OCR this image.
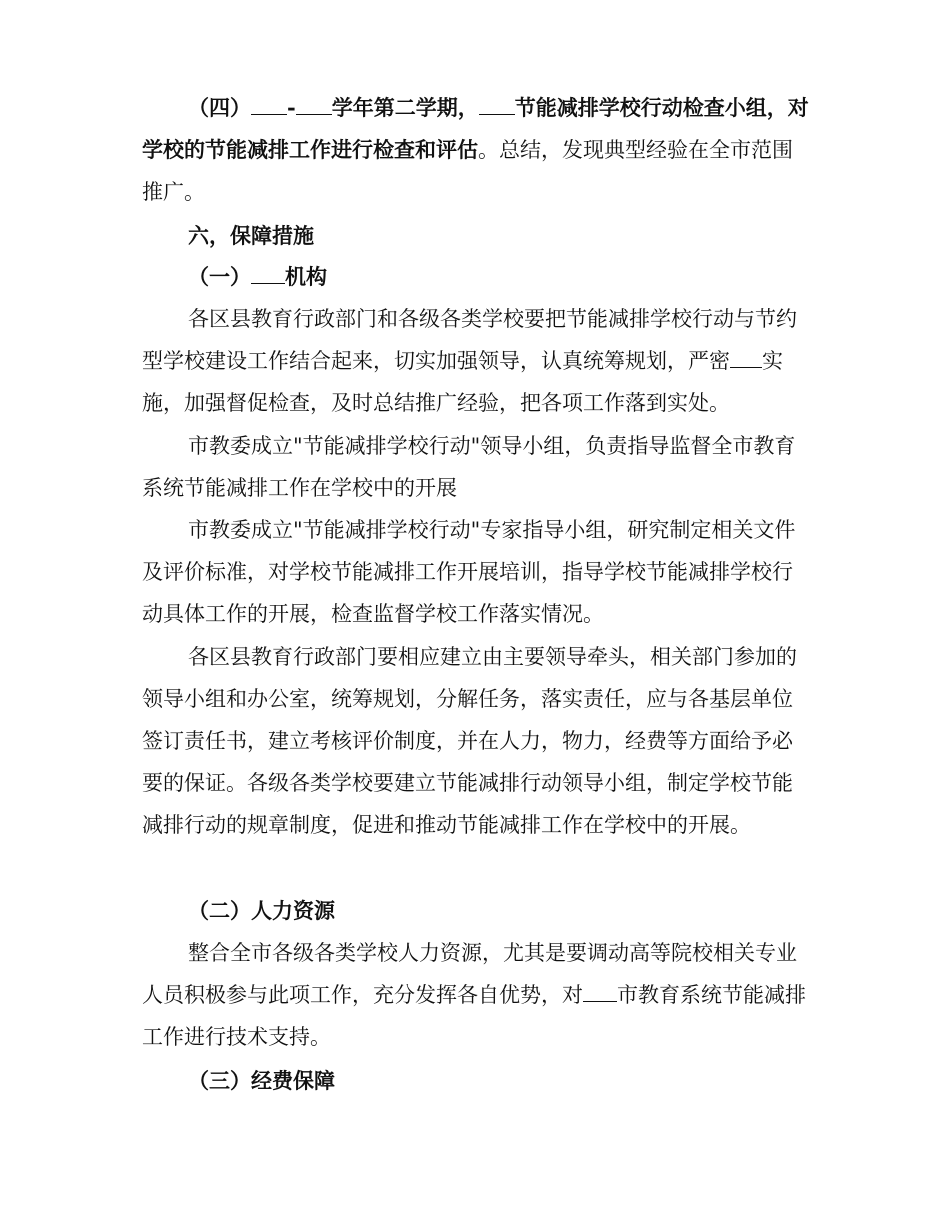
（四） - 学年第二学期， 节能减排学校行动检查小组，对学校的节能减排工作进行检查和评估。总结，发现典型经验在全市范围推广。
六，保障措施
（一） 机构
各区县教育行政部门和各级各类学校要把节能减排学校行动与节约型学校建设工作结合起来，切实加强领导，认真统筹规划，严密 实施，加强督促检查，及时总结推广经验，把各项工作落到实处。
市教委成立"节能减排学校行动"领导小组，负责指导监督全市教育系统节能减排工作在学校中的开展
市教委成立"节能减排学校行动"专家指导小组，研究制定相关文件及评价标准，对学校节能减排工作开展培训，指导学校节能减排学校行动具体工作的开展，检查监督学校工作落实情况。
各区县教育行政部门要相应建立由主要领导牵头，相关部门参加的领导小组和办公室，统筹规划，分解任务，落实责任，应与各基层单位签订责任书，建立考核评价制度，并在人力，物力，经费等方面给予必要的保证。各级各类学校要建立节能减排行动领导小组，制定学校节能减排行动的规章制度，促进和推动节能减排工作在学校中的开展。
（二）人力资源
整合全市各级各类学校人力资源，尤其是要调动高等院校相关专业人员积极参与此项工作，充分发挥各自优势，对 市教育系统节能减排工作进行技术支持。
（三）经费保障
